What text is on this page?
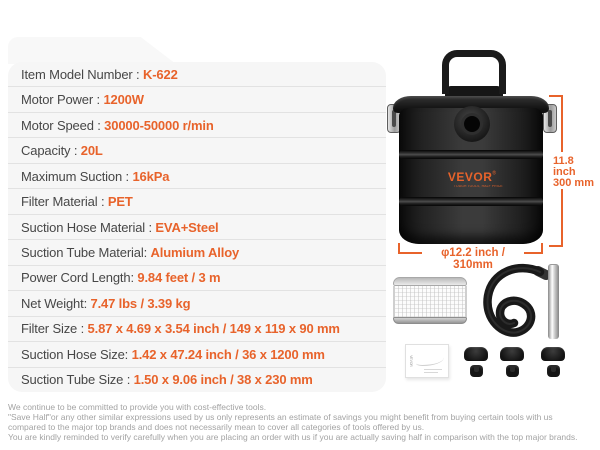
Item Model Number : K-622
Motor Power : 1200W
Motor Speed : 30000-50000 r/min
Capacity : 20L
Maximum Suction : 16kPa
Filter Material : PET
Suction Hose Material : EVA+Steel
Suction Tube Material: Alumium Alloy
Power Cord Length: 9.84 feet / 3 m
Net Weight: 7.47 lbs / 3.39 kg
Filter Size : 5.87 x 4.69 x 3.54 inch / 149 x 119 x 90 mm
Suction Hose Size: 1.42 x 47.24 inch / 36 x 1200 mm
Suction Tube Size : 1.50 x 9.06 inch / 38 x 230 mm
VEVOR®
TOUGH TOOLS, HALF PRICE
11.8 inch
300 mm
φ12.2 inch / 310mm
VEVOR
We continue to be committed to provide you with cost-effective tools.
"Save Half"or any other similar expressions used by us only represents an estimate of savings you might benefit from buying certain tools with us
compared to the major top brands and does not necessarily mean to cover all categories of tools offered by us.
You are kindly reminded to verify carefully when you are placing an order with us if you are actually saving half in comparison with the top major brands.
